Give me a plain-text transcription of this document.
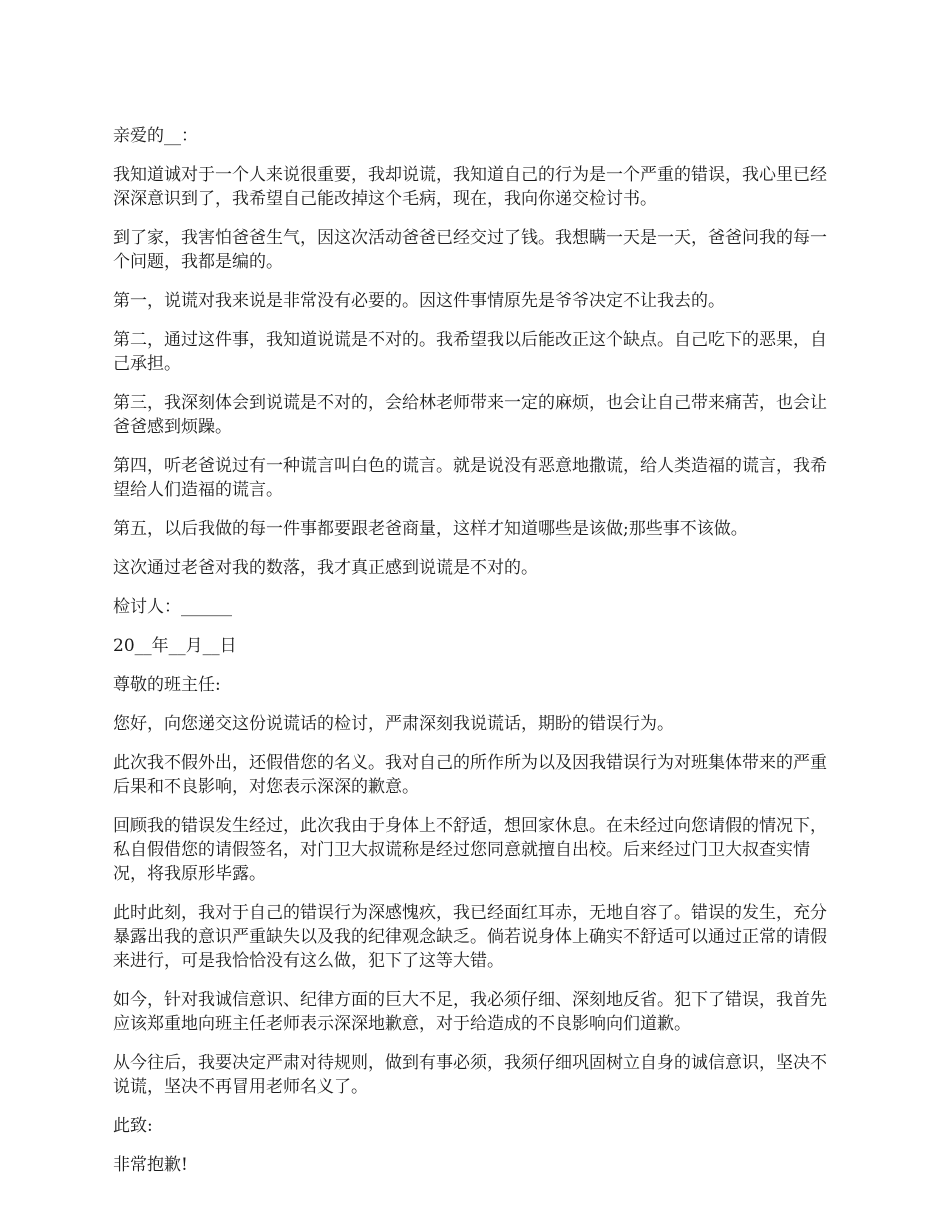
亲爱的__：

我知道诚对于一个人来说很重要，我却说谎，我知道自己的行为是一个严重的错误，我心里已经深深意识到了，我希望自己能改掉这个毛病，现在，我向你递交检讨书。

到了家，我害怕爸爸生气，因这次活动爸爸已经交过了钱。我想瞒一天是一天，爸爸问我的每一个问题，我都是编的。

第一，说谎对我来说是非常没有必要的。因这件事情原先是爷爷决定不让我去的。

第二，通过这件事，我知道说谎是不对的。我希望我以后能改正这个缺点。自己吃下的恶果，自己承担。

第三，我深刻体会到说谎是不对的，会给林老师带来一定的麻烦，也会让自己带来痛苦，也会让爸爸感到烦躁。

第四，听老爸说过有一种谎言叫白色的谎言。就是说没有恶意地撒谎，给人类造福的谎言，我希望给人们造福的谎言。

第五，以后我做的每一件事都要跟老爸商量，这样才知道哪些是该做;那些事不该做。

这次通过老爸对我的数落，我才真正感到说谎是不对的。

检讨人：______

20__年__月__日

尊敬的班主任:

您好，向您递交这份说谎话的检讨，严肃深刻我说谎话，期盼的错误行为。

此次我不假外出，还假借您的名义。我对自己的所作所为以及因我错误行为对班集体带来的严重后果和不良影响，对您表示深深的歉意。

回顾我的错误发生经过，此次我由于身体上不舒适，想回家休息。在未经过向您请假的情况下，私自假借您的请假签名，对门卫大叔谎称是经过您同意就擅自出校。后来经过门卫大叔查实情况，将我原形毕露。

此时此刻，我对于自己的错误行为深感愧疚，我已经面红耳赤，无地自容了。错误的发生，充分暴露出我的意识严重缺失以及我的纪律观念缺乏。倘若说身体上确实不舒适可以通过正常的请假来进行，可是我恰恰没有这么做，犯下了这等大错。

如今，针对我诚信意识、纪律方面的巨大不足，我必须仔细、深刻地反省。犯下了错误，我首先应该郑重地向班主任老师表示深深地歉意，对于给造成的不良影响向们道歉。

从今往后，我要决定严肃对待规则，做到有事必须，我须仔细巩固树立自身的诚信意识，坚决不说谎，坚决不再冒用老师名义了。

此致:

非常抱歉!
